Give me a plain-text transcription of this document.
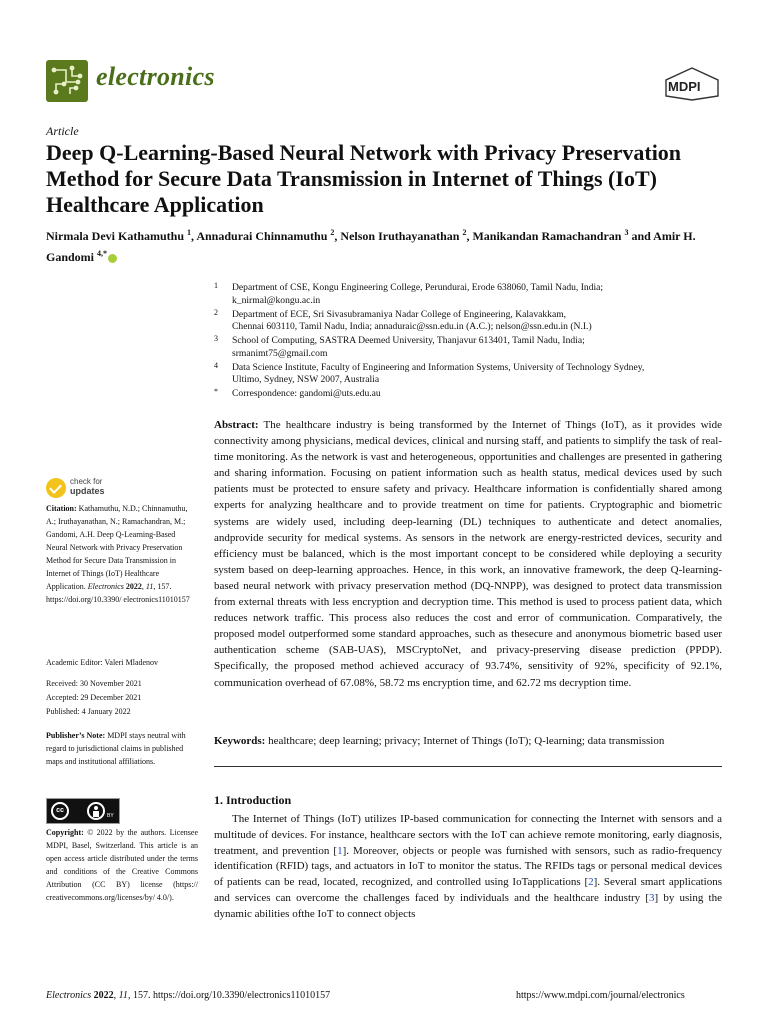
electronics	MDPI
Article
Deep Q-Learning-Based Neural Network with Privacy Preservation Method for Secure Data Transmission in Internet of Things (IoT) Healthcare Application
Nirmala Devi Kathamuthu $^1$, Annadurai Chinnamuthu $^2$, Nelson Iruthayanathan $^2$, Manikandan Ramachandran $^3$ and Amir H. Gandomi $^{4,*}$
1 Department of CSE, Kongu Engineering College, Perundurai, Erode 638060, Tamil Nadu, India;
k_nirmal@kongu.ac.in
2 Department of ECE, Sri Sivasubramaniya Nadar College of Engineering, Kalavakkam,
Chennai 603110, Tamil Nadu, India; annaduraic@ssn.edu.in (A.C.); nelson@ssn.edu.in (N.I.)
3 School of Computing, SASTRA Deemed University, Thanjavur 613401, Tamil Nadu, India;
srmanimt75@gmail.com
4 Data Science Institute, Faculty of Engineering and Information Systems, University of Technology Sydney,
Ultimo, Sydney, NSW 2007, Australia
* Correspondence: gandomi@uts.edu.au
Abstract: The healthcare industry is being transformed by the Internet of Things (IoT), as it provides wide connectivity among physicians, medical devices, clinical and nursing staff, and patients to simplify the task of real-time monitoring. As the network is vast and heterogeneous, opportunities and challenges are presented in gathering and sharing information. Focusing on patient information such as health status, medical devices used by such patients must be protected to ensure safety and privacy. Healthcare information is confidentially shared among experts for analyzing healthcare and to provide treatment on time for patients. Cryptographic and biometric systems are widely used, including deep-learning (DL) techniques to authenticate and detect anomalies, andprovide security for medical systems. As sensors in the network are energy-restricted devices, security and efficiency must be balanced, which is the most important concept to be considered while deploying a security system based on deep-learning approaches. Hence, in this work, an innovative framework, the deep Q-learning-based neural network with privacy preservation method (DQ-NNPP), was designed to protect data transmission from external threats with less encryption and decryption time. This method is used to process patient data, which reduces network traffic. This process also reduces the cost and error of communication. Comparatively, the proposed model outperformed some standard approaches, such as thesecure and anonymous biometric based user authentication scheme (SAB-UAS), MSCryptoNet, and privacy-preserving disease prediction (PPDP). Specifically, the proposed method achieved accuracy of 93.74%, sensitivity of 92%, specificity of 92.1%, communication overhead of 67.08%, 58.72 ms encryption time, and 62.72 ms decryption time.
Keywords: healthcare; deep learning; privacy; Internet of Things (IoT); Q-learning; data transmission
1. Introduction
The Internet of Things (IoT) utilizes IP-based communication for connecting the Internet with sensors and a multitude of devices. For instance, healthcare sectors with the IoT can achieve remote monitoring, early diagnosis, treatment, and prevention [1]. Moreover, objects or people was furnished with sensors, such as radio-frequency identification (RFID) tags, and actuators in IoT to monitor the status. The RFIDs tags or personal medical devices of patients can be read, located, recognized, and controlled using IoTapplications [2]. Several smart applications and services can overcome the challenges faced by individuals and the healthcare industry [3] by using the dynamic abilities ofthe IoT to connect objects
check for
updates
Citation: Kathamuthu, N.D.; Chinnamuthu, A.; Iruthayanathan, N.; Ramachandran, M.; Gandomi, A.H. Deep Q-Learning-Based Neural Network with Privacy Preservation Method for Secure Data Transmission in Internet of Things (IoT) Healthcare Application. Electronics 2022, 11, 157. https://doi.org/10.3390/ electronics11010157
Academic Editor: Valeri Mladenov
Received: 30 November 2021
Accepted: 29 December 2021
Published: 4 January 2022
Publisher’s Note: MDPI stays neutral with regard to jurisdictional claims in published maps and institutional affiliations.
cc
BY
Copyright: © 2022 by the authors. Licensee MDPI, Basel, Switzerland. This article is an open access article distributed under the terms and conditions of the Creative Commons Attribution (CC BY) license (https:// creativecommons.org/licenses/by/ 4.0/).
Electronics 2022, 11, 157. https://doi.org/10.3390/electronics11010157	https://www.mdpi.com/journal/electronics
